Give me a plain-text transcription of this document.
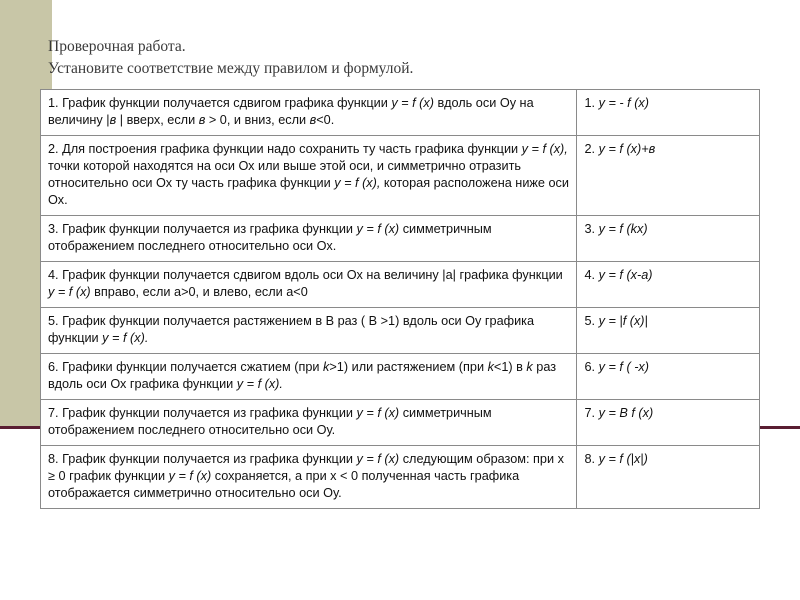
Проверочная работа.
Установите соответствие между правилом и формулой.
1. График функции получается сдвигом графика функции y = f (x) вдоль оси Оу на величину |в | вверх, если в > 0, и вниз, если в<0.	1. y = - f (x)
2. Для построения графика функции надо сохранить ту часть графика функции y = f (x), точки которой находятся на оси Ох или выше этой оси, и симметрично отразить относительно оси Ох ту часть графика функции y = f (x), которая расположена ниже оси Ох.	2. y = f (x)+в
3. График функции получается из графика функции y = f (x) симметричным отображением последнего относительно оси Ох.	3. y = f (kx)
4. График функции получается сдвигом вдоль оси Ох на величину |а| графика функции y = f (x) вправо, если а>0, и влево, если а<0	4. y = f (x-a)
5. График функции получается растяжением в В раз ( В >1) вдоль оси Оу графика функции y = f (x).	5. y = |f (x)|
6. Графики функции получается сжатием (при k>1) или растяжением (при k<1) в k раз вдоль оси Ох графика функции y = f (x).	6. y = f ( -x)
7. График функции получается из графика функции y = f (x) симметричным отображением последнего относительно оси Оу.	7. y = В f (x)
8. График функции получается из графика функции y = f (x) следующим образом: при х ≥ 0 график функции y = f (x) сохраняется, а при х < 0 полученная часть графика отображается симметрично относительно оси Оу.	8. y = f (|x|)
